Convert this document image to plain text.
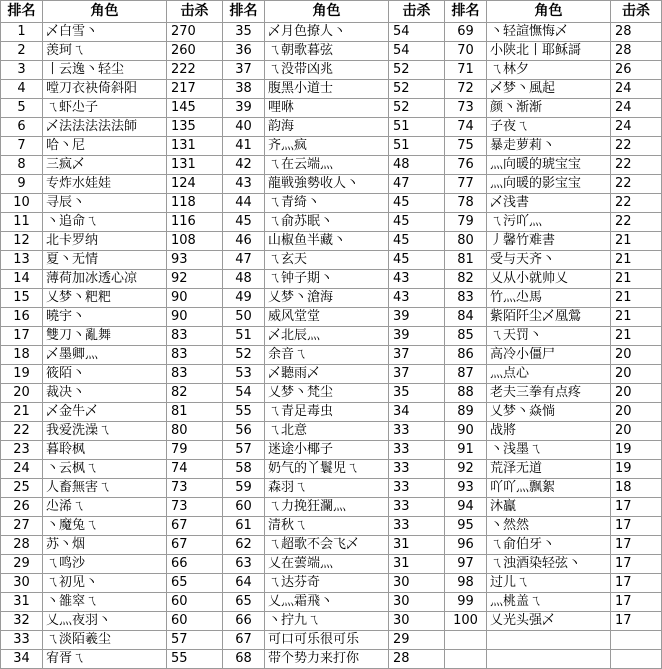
排名	角色	击杀	排名	角色	击杀	排名	角色	击杀
1	乄白雪丶	270	35	乄月色撩人丶	54	69	丶轻諠憮悔乄	28
2	羡珂ㄟ	260	36	ㄟ朝歌暮弦	54	70	小陕北丨耶稣謌	28
3	丨云逸丶轻尘	222	37	ㄟ没带凶兆	52	71	ㄟ林夕	26
4	嘡刀衣袂倚斜阳	217	38	腹黑小道士	52	72	乄梦丶風起	24
5	ㄟ虾尐子	145	39	哩咻	52	73	颜丶渐渐	24
6	乄法法法法法師	135	40	韵海	51	74	子夜ㄟ	24
7	哈丶尼	131	41	齐灬疯	51	75	暴走萝莉丶	22
8	三疯乄	131	42	ㄟ在云端灬	48	76	灬向暖的琥宝宝	22
9	专炸水娃娃	124	43	龍戦強勢收人丶	47	77	灬向暖的影宝宝	22
10	寻辰丶	118	44	ㄟ青绮丶	45	78	乄浅書	22
11	丶追命ㄟ	116	45	ㄟ俞苏眠丶	45	79	ㄟ污吖灬	22
12	北卡罗纳	108	46	山椒鱼半藏丶	45	80	丿馨竹难書	21
13	夏丶无情	93	47	ㄟ玄天	45	81	受与天齐丶	21
14	薄荷加冰透心凉	92	48	ㄟ钟子期丶	43	82	乂从小就帅乂	21
15	乂梦丶粑粑	90	49	乂梦丶滄海	43	83	竹灬尐馬	21
16	曉宇丶	90	50	威风堂堂	39	84	紫陌阡尘乄凰鶯	21
17	雙刀丶亂舞	83	51	乄北辰灬	39	85	ㄟ天罚丶	21
18	乄墨卿灬	83	52	余音ㄟ	37	86	高冷小僵尸	20
19	筱陌丶	83	53	乄聽雨乄	37	87	灬点心	20
20	裁决丶	82	54	乂梦丶梵尘	35	88	老夫三拳有点疼	20
21	乄金牛乄	81	55	ㄟ青足毒虫	34	89	乂梦丶焱惝	20
22	我爱洗澡ㄟ	80	56	ㄟ北意	33	90	战將	20
23	暮聆枫	79	57	迷途小椰子	33	91	丶浅墨ㄟ	19
24	丶云枫ㄟ	74	58	奶气的丫鬟児ㄟ	33	92	荒泽无道	19
25	人畜無害ㄟ	73	59	森羽ㄟ	33	93	吖吖灬飘絮	18
26	尐浠ㄟ	73	60	ㄟ力挽狂瀾灬	33	94	沐鸁	17
27	丶魔兔ㄟ	67	61	清秋ㄟ	33	95	丶然然	17
28	苏丶烟	67	62	ㄟ超歌不会飞乄	31	96	ㄟ俞伯牙丶	17
29	ㄟ鸣沙	66	63	乂在蕓端灬	31	97	ㄟ浊酒染轻弦丶	17
30	ㄟ初见丶	65	64	ㄟ达芬奇	30	98	过儿ㄟ	17
31	丶雒窣ㄟ	60	65	乂灬霜飛丶	30	99	灬桃盖ㄟ	17
32	乂灬夜羽丶	60	66	丶拧九ㄟ	30	100	乂光头强乄	17
33	ㄟ淡陌羲尘	57	67	可口可乐很可乐	29			
34	宥胥ㄟ	55	68	带个势力来打你	28			
